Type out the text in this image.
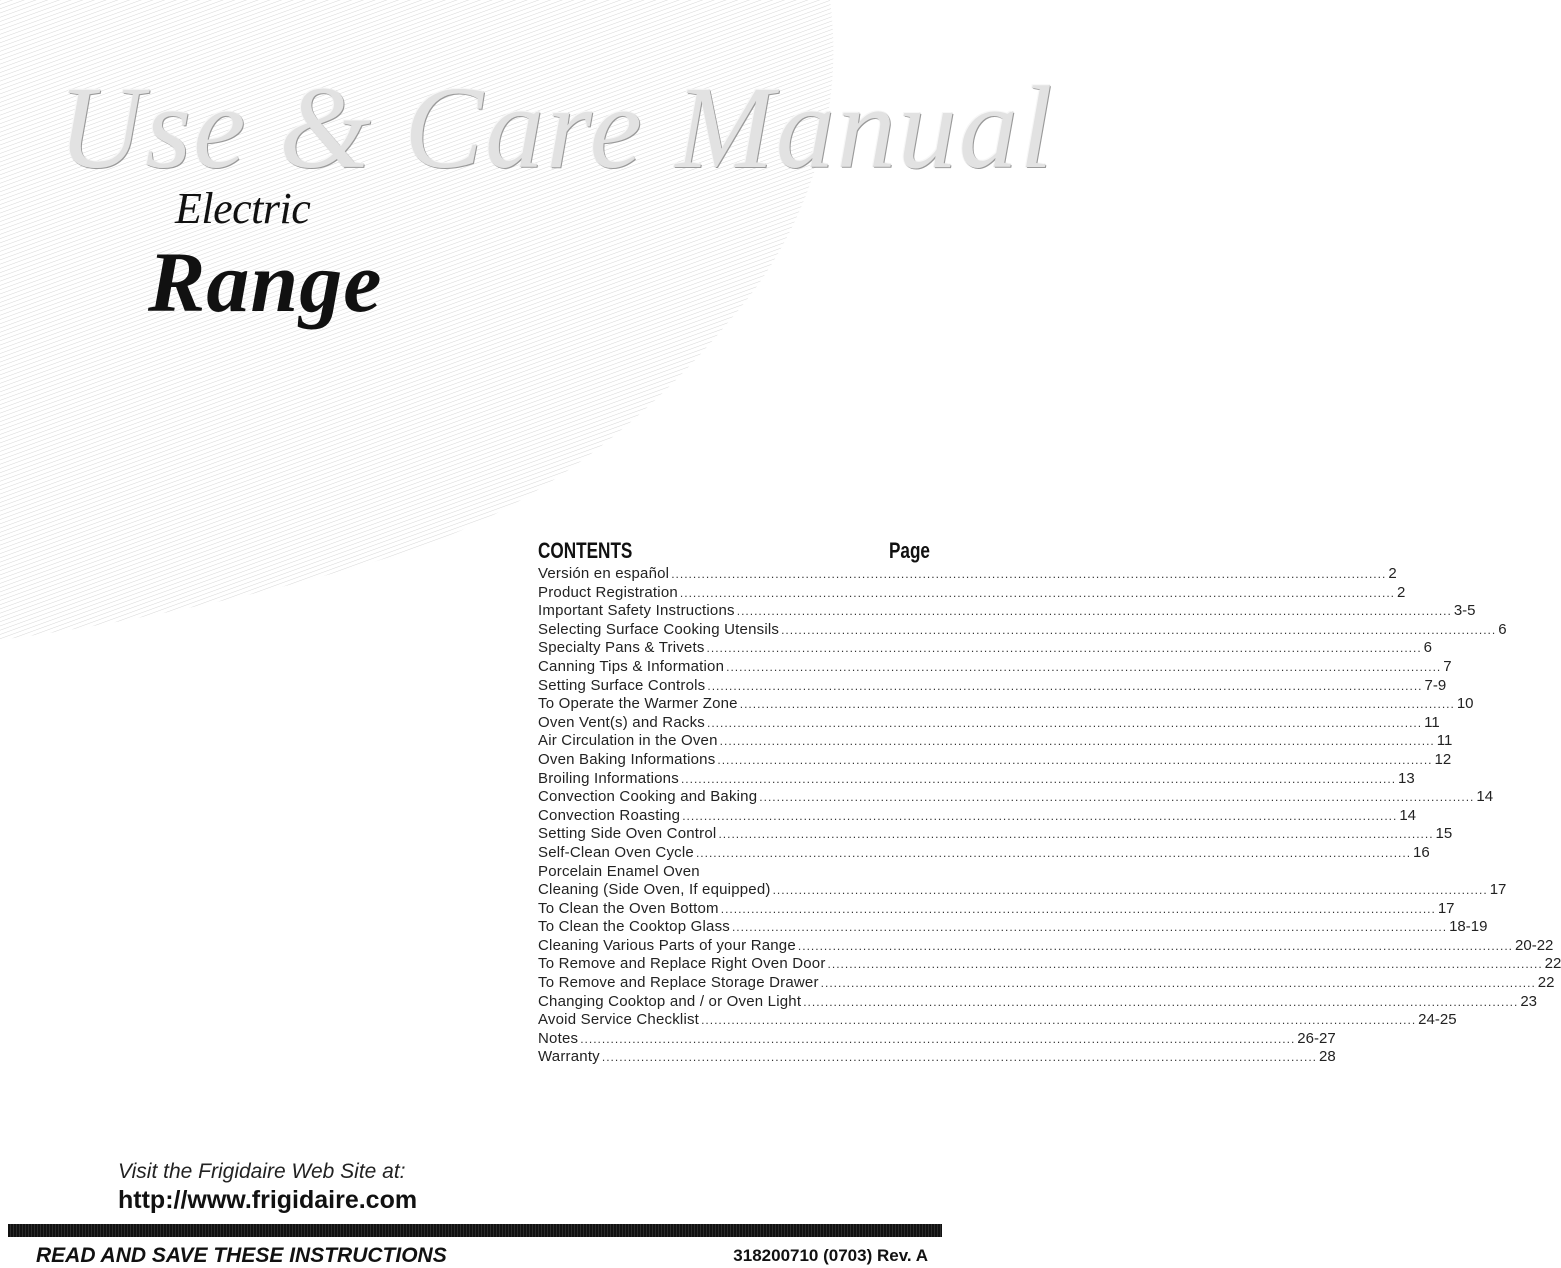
Use & Care Manual
Electric
Range
CONTENTS	Page
Versión en español .....	2
Product Registration .....	2
Important Safety Instructions .....	3-5
Selecting Surface Cooking Utensils .....	6
Specialty Pans & Trivets .....	6
Canning Tips & Information .....	7
Setting Surface Controls .....	7-9
To Operate the Warmer Zone .....	10
Oven Vent(s) and Racks .....	11
Air Circulation in the Oven .....	11
Oven Baking Informations .....	12
Broiling Informations .....	13
Convection Cooking and Baking .....	14
Convection Roasting .....	14
Setting Side Oven Control .....	15
Self-Clean Oven Cycle .....	16
Porcelain Enamel Oven
Cleaning (Side Oven, If equipped) .....	17
To Clean the Oven Bottom .....	17
To Clean the Cooktop Glass .....	18-19
Cleaning Various Parts of your Range .....	20-22
To Remove and Replace Right Oven Door .....	22
To Remove and Replace Storage Drawer .....	22
Changing Cooktop and / or Oven Light .....	23
Avoid Service Checklist .....	24-25
Notes .....	26-27
Warranty .....	28

Visit the Frigidaire Web Site at:

http://www.frigidaire.com

READ AND SAVE THESE INSTRUCTIONS	318200710 (0703) Rev. A
